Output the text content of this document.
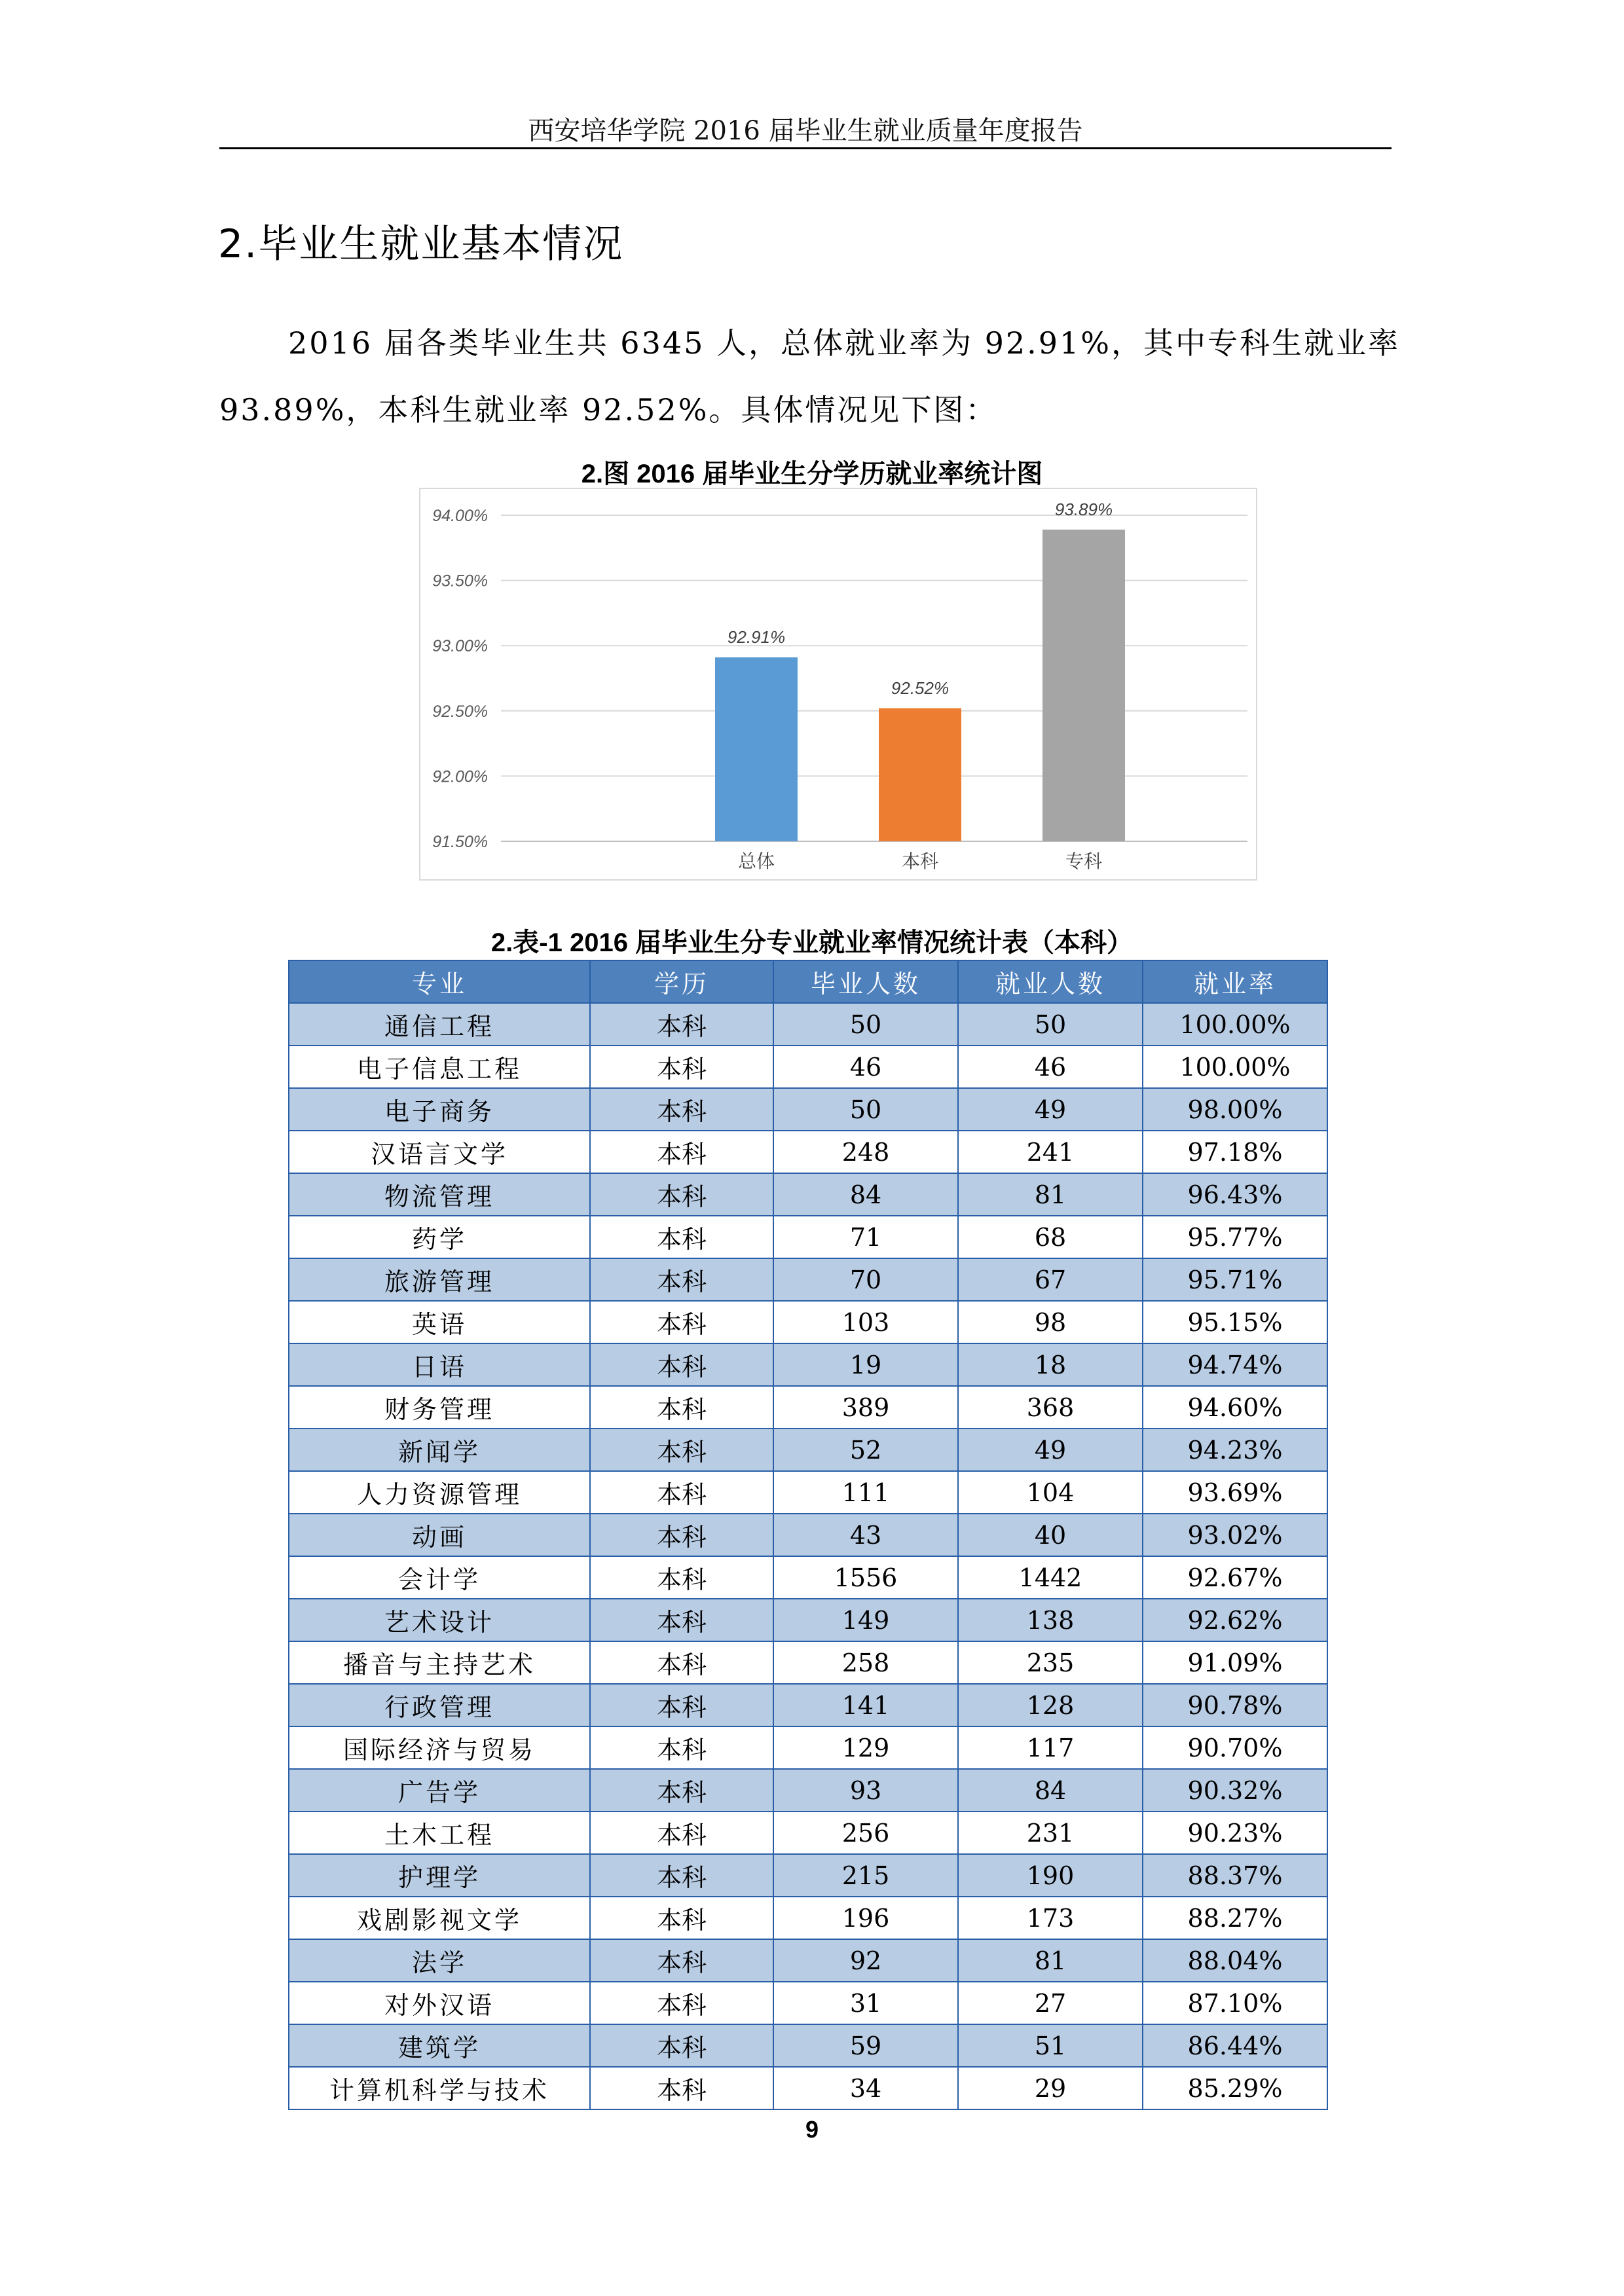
西安培华学院 2016 届毕业生就业质量年度报告
2.毕业生就业基本情况
2016 届各类毕业生共 6345 人，总体就业率为 92.91%，其中专科生就业率
93.89%，本科生就业率 92.52%。具体情况见下图：
2.图 2016 届毕业生分学历就业率统计图
91.50%
92.00%
92.50%
93.00%
93.50%
94.00%
92.91%
总体
92.52%
本科
93.89%
专科
2.表-1 2016 届毕业生分专业就业率情况统计表（本科）
专业	学历	毕业人数	就业人数	就业率
通信工程	本科	50	50	100.00%
电子信息工程	本科	46	46	100.00%
电子商务	本科	50	49	98.00%
汉语言文学	本科	248	241	97.18%
物流管理	本科	84	81	96.43%
药学	本科	71	68	95.77%
旅游管理	本科	70	67	95.71%
英语	本科	103	98	95.15%
日语	本科	19	18	94.74%
财务管理	本科	389	368	94.60%
新闻学	本科	52	49	94.23%
人力资源管理	本科	111	104	93.69%
动画	本科	43	40	93.02%
会计学	本科	1556	1442	92.67%
艺术设计	本科	149	138	92.62%
播音与主持艺术	本科	258	235	91.09%
行政管理	本科	141	128	90.78%
国际经济与贸易	本科	129	117	90.70%
广告学	本科	93	84	90.32%
土木工程	本科	256	231	90.23%
护理学	本科	215	190	88.37%
戏剧影视文学	本科	196	173	88.27%
法学	本科	92	81	88.04%
对外汉语	本科	31	27	87.10%
建筑学	本科	59	51	86.44%
计算机科学与技术	本科	34	29	85.29%
9
